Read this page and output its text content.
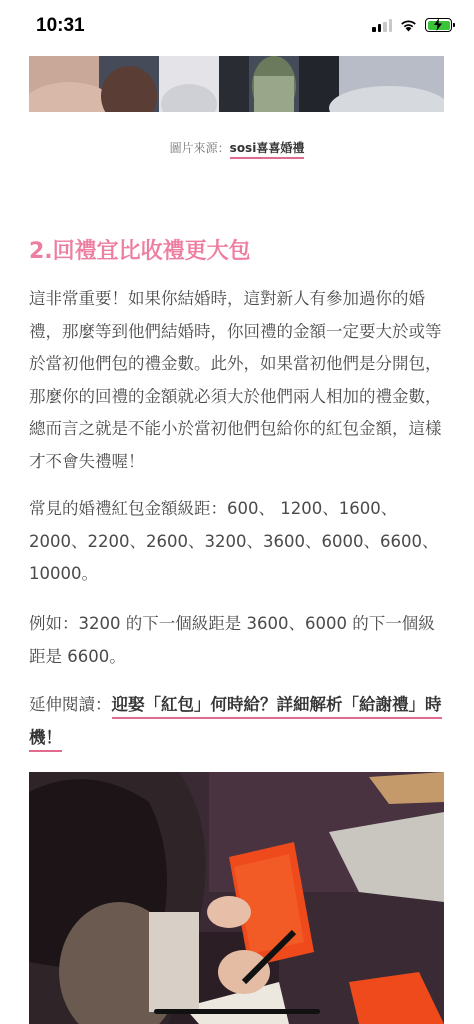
10:31
圖片來源：sosi喜喜婚禮
2.回禮宜比收禮更大包

這非常重要！如果你結婚時，這對新人有參加過你的婚禮，那麼等到他們結婚時，你回禮的金額一定要大於或等於當初他們包的禮金數。此外，如果當初他們是分開包，那麼你的回禮的金額就必須大於他們兩人相加的禮金數，總而言之就是不能小於當初他們包給你的紅包金額，這樣才不會失禮喔！

常見的婚禮紅包金額級距：600、 1200、1600、2000、2200、2600、3200、3600、6000、6600、10000。

例如：3200 的下一個級距是 3600、6000 的下一個級距是 6600。

延伸閱讀：迎娶「紅包」何時給？詳細解析「給謝禮」時機！
